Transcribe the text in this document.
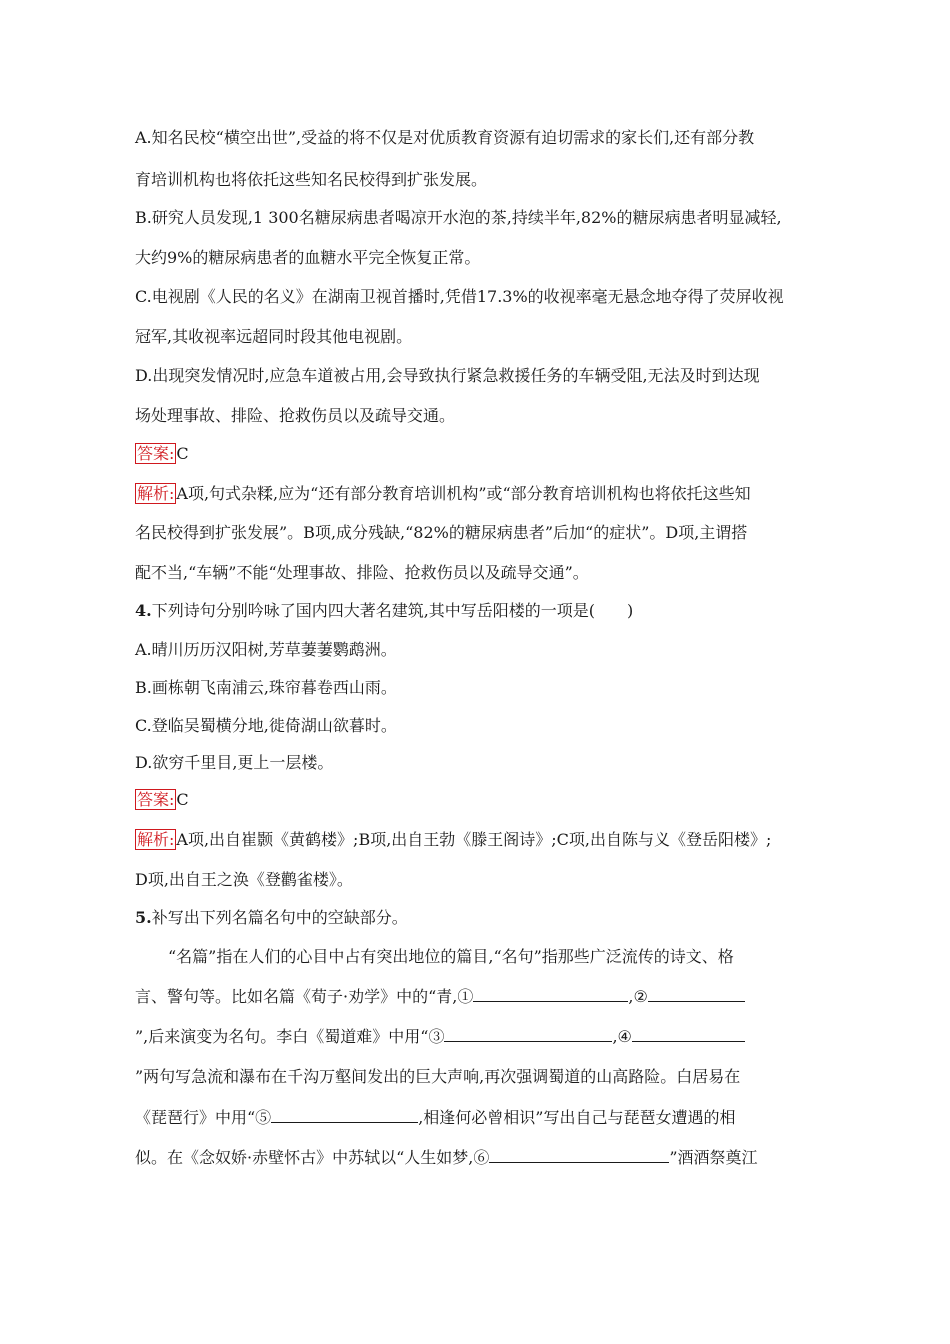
A.知名民校“横空出世”,受益的将不仅是对优质教育资源有迫切需求的家长们,还有部分教
育培训机构也将依托这些知名民校得到扩张发展。
B.研究人员发现,1 300名糖尿病患者喝凉开水泡的茶,持续半年,82%的糖尿病患者明显减轻,
大约9%的糖尿病患者的血糖水平完全恢复正常。
C.电视剧《人民的名义》在湖南卫视首播时,凭借17.3%的收视率毫无悬念地夺得了荧屏收视
冠军,其收视率远超同时段其他电视剧。
D.出现突发情况时,应急车道被占用,会导致执行紧急救援任务的车辆受阻,无法及时到达现
场处理事故、排险、抢救伤员以及疏导交通。
答案: C
解析: A项,句式杂糅,应为“还有部分教育培训机构”或“部分教育培训机构也将依托这些知
名民校得到扩张发展”。B项,成分残缺,“82%的糖尿病患者”后加“的症状”。D项,主谓搭
配不当,“车辆”不能“处理事故、排险、抢救伤员以及疏导交通”。
4.下列诗句分别吟咏了国内四大著名建筑,其中写岳阳楼的一项是(　　)
A.晴川历历汉阳树,芳草萋萋鹦鹉洲。
B.画栋朝飞南浦云,珠帘暮卷西山雨。
C.登临吴蜀横分地,徙倚湖山欲暮时。
D.欲穷千里目,更上一层楼。
答案: C
解析: A项,出自崔颢《黄鹤楼》;B项,出自王勃《滕王阁诗》;C项,出自陈与义《登岳阳楼》;
D项,出自王之涣《登鹳雀楼》。
5.补写出下列名篇名句中的空缺部分。
“名篇”指在人们的心目中占有突出地位的篇目,“名句”指那些广泛流传的诗文、格
言、警句等。比如名篇《荀子·劝学》中的“青,①	,②
”,后来演变为名句。李白《蜀道难》中用“③	,④
”两句写急流和瀑布在千沟万壑间发出的巨大声响,再次强调蜀道的山高路险。白居易在
《琵琶行》中用“⑤	,相逢何必曾相识”写出自己与琵琶女遭遇的相
似。在《念奴娇·赤壁怀古》中苏轼以“人生如梦,⑥	”酒酒祭奠江
